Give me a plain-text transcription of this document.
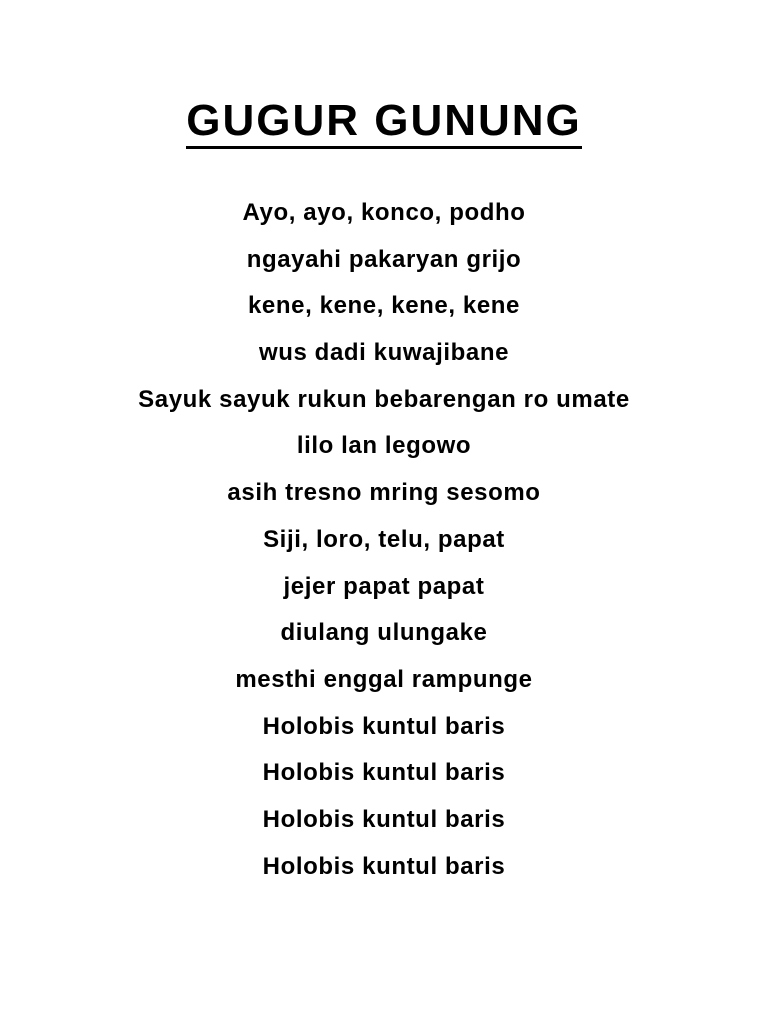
GUGUR GUNUNG
Ayo, ayo, konco, podho
ngayahi pakaryan grijo
kene, kene, kene, kene
wus dadi kuwajibane
Sayuk sayuk rukun bebarengan ro umate
lilo lan legowo
asih tresno mring sesomo
Siji, loro, telu, papat
jejer papat papat
diulang ulungake
mesthi enggal rampunge
Holobis kuntul baris
Holobis kuntul baris
Holobis kuntul baris
Holobis kuntul baris
